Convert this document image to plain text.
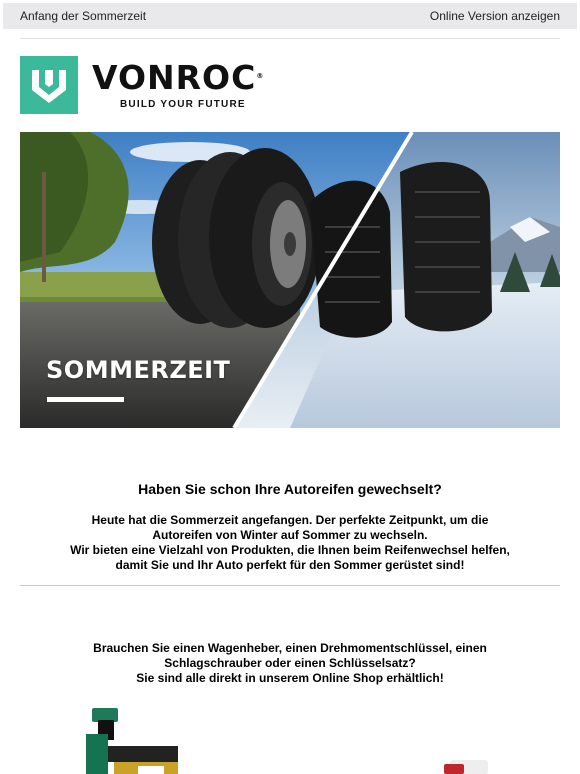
Anfang der Sommerzeit	Online Version anzeigen
VONROC ®
BUILD YOUR FUTURE
SOMMERZEIT
Haben Sie schon Ihre Autoreifen gewechselt?

Heute hat die Sommerzeit angefangen. Der perfekte Zeitpunkt, um die

Autoreifen von Winter auf Sommer zu wechseln.

Wir bieten eine Vielzahl von Produkten, die Ihnen beim Reifenwechsel helfen,

damit Sie und Ihr Auto perfekt für den Sommer gerüstet sind!

Brauchen Sie einen Wagenheber, einen Drehmomentschlüssel, einen

Schlagschrauber oder einen Schlüsselsatz?

Sie sind alle direkt in unserem Online Shop erhältlich!
